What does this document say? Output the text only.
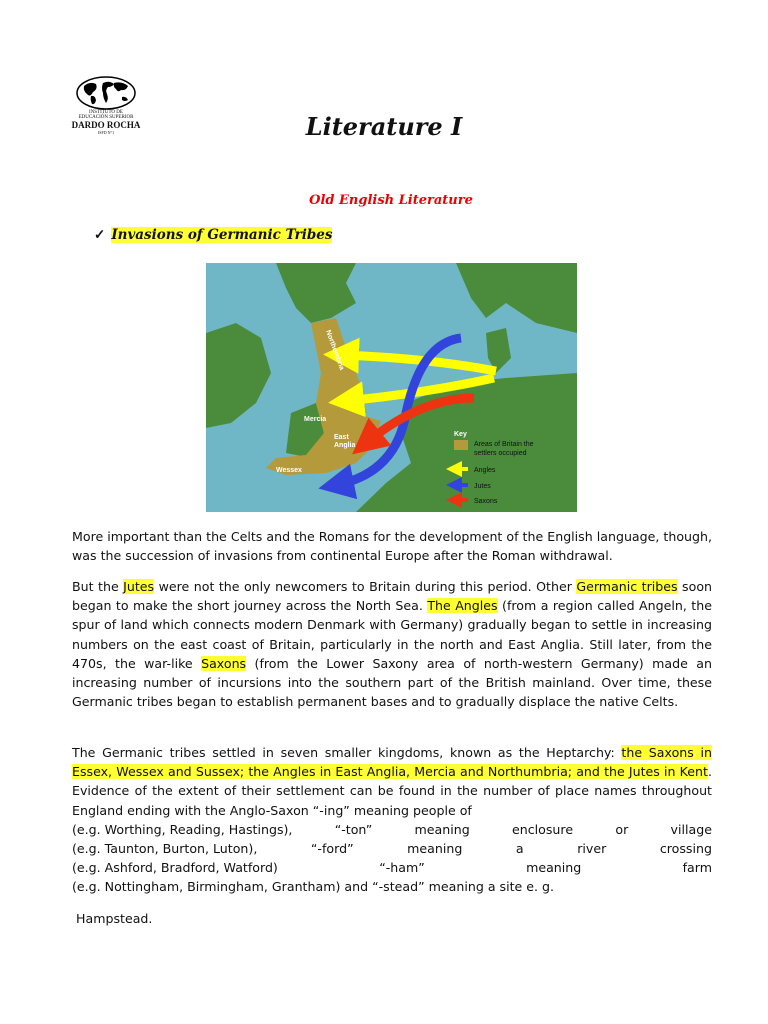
INSTITUTO DE
EDUCACIÓN SUPERIOR
DARDO ROCHA
ISFD N°1	Literature I
Old English Literature
✓ Invasions of Germanic Tribes
Northumbria
Mercia
East
Anglia
Wessex
Key
Areas of Britain the
settlers occupied
Angles
Jutes
Saxons

More important than the Celts and the Romans for the development of the English language, though, was the succession of invasions from continental Europe after the Roman withdrawal.

But the Jutes were not the only newcomers to Britain during this period. Other Germanic tribes soon began to make the short journey across the North Sea. The Angles (from a region called Angeln, the spur of land which connects modern Denmark with Germany) gradually began to settle in increasing numbers on the east coast of Britain, particularly in the north and East Anglia. Still later, from the 470s, the war-like Saxons (from the Lower Saxony area of north-western Germany) made an increasing number of incursions into the southern part of the British mainland. Over time, these Germanic tribes began to establish permanent bases and to gradually displace the native Celts.

The Germanic tribes settled in seven smaller kingdoms, known as the Heptarchy: the Saxons in Essex, Wessex and Sussex; the Angles in East Anglia, Mercia and Northumbria; and the Jutes in Kent. Evidence of the extent of their settlement can be found in the number of place names throughout England ending with the Anglo-Saxon “-ing” meaning people of

(e.g. Worthing, Reading, Hastings),	“-ton”	meaning	enclosure	or	village
(e.g. Taunton, Burton, Luton),	“-ford”	meaning	a	river	crossing
(e.g. Ashford, Bradford, Watford)	“-ham”	meaning	farm
(e.g. Nottingham, Birmingham, Grantham) and “-stead” meaning a site e. g.

Hampstead.
